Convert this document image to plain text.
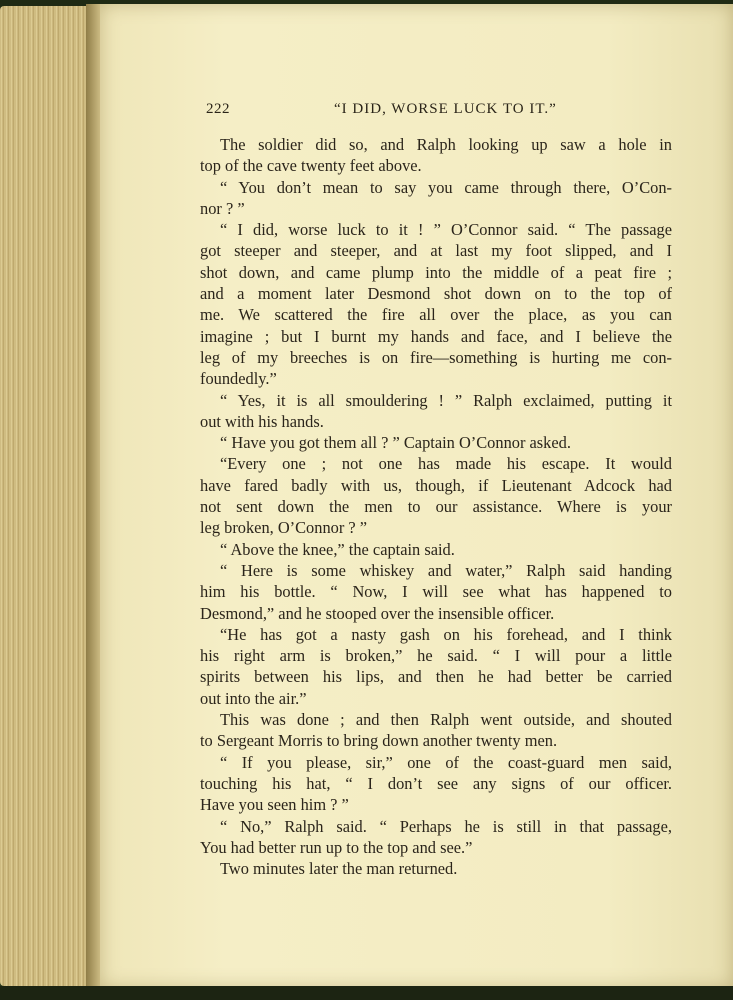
222	“I DID, WORSE LUCK TO IT.”
The soldier did so, and Ralph looking up saw a hole in
top of the cave twenty feet above.
“ You don’t mean to say you came through there, O’Con-
nor ? ”
“ I did, worse luck to it ! ” O’Connor said. “ The passage
got steeper and steeper, and at last my foot slipped, and I
shot down, and came plump into the middle of a peat fire ;
and a moment later Desmond shot down on to the top of
me. We scattered the fire all over the place, as you can
imagine ; but I burnt my hands and face, and I believe the
leg of my breeches is on fire—something is hurting me con-
foundedly.”
“ Yes, it is all smouldering ! ” Ralph exclaimed, putting it
out with his hands.
“ Have you got them all ? ” Captain O’Connor asked.
“Every one ; not one has made his escape. It would
have fared badly with us, though, if Lieutenant Adcock had
not sent down the men to our assistance. Where is your
leg broken, O’Connor ? ”
“ Above the knee,” the captain said.
“ Here is some whiskey and water,” Ralph said handing
him his bottle. “ Now, I will see what has happened to
Desmond,” and he stooped over the insensible officer.
“He has got a nasty gash on his forehead, and I think
his right arm is broken,” he said. “ I will pour a little
spirits between his lips, and then he had better be carried
out into the air.”
This was done ; and then Ralph went outside, and shouted
to Sergeant Morris to bring down another twenty men.
“ If you please, sir,” one of the coast-guard men said,
touching his hat, “ I don’t see any signs of our officer.
Have you seen him ? ”
“ No,” Ralph said. “ Perhaps he is still in that passage,
You had better run up to the top and see.”
Two minutes later the man returned.
